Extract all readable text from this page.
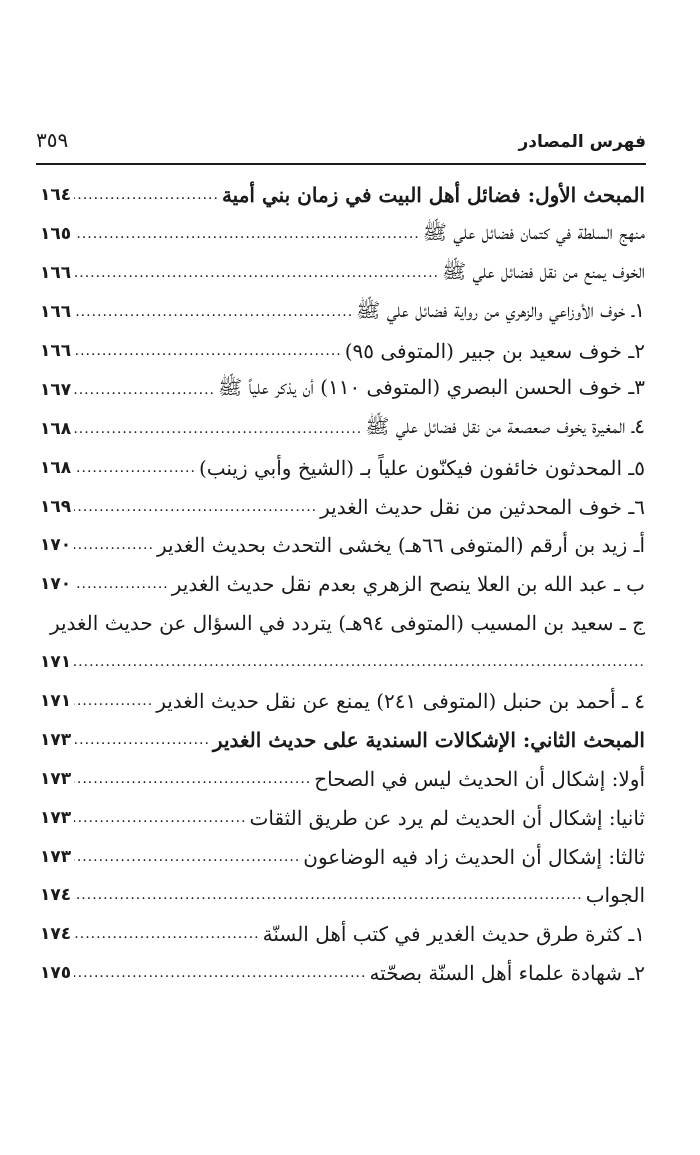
فهرس المصادر
٣٥٩
المبحث الأول: فضائل أهل البيت في زمان بني أمية
.....
١٦٤
منهج السلطة في كتمان فضائل علي ﷺ
.....
١٦٥
الخوف يمنع من نقل فضائل علي ﷺ
.....
١٦٦
١ـ خوف الأوزاعي والزهري من رواية فضائل علي ﷺ
.....
١٦٦
٢ـ خوف سعيد بن جبير (المتوفى ٩٥)
.....
١٦٦
٣ـ خوف الحسن البصري (المتوفى ١١٠) أن يذكر علياً ﷺ
.....
١٦٧
٤ـ المغيرة يخوف صعصعة من نقل فضائل علي ﷺ
.....
١٦٨
٥ـ المحدثون خائفون فيكنّون علياً بـ (الشيخ وأبي زينب)
.....
١٦٨
٦ـ خوف المحدثين من نقل حديث الغدير
.....
١٦٩
أـ زيد بن أرقم (المتوفى ٦٦هـ) يخشى التحدث بحديث الغدير
.....
١٧٠
ب ـ عبد الله بن العلا ينصح الزهري بعدم نقل حديث الغدير
.....
١٧٠
ج ـ سعيد بن المسيب (المتوفى ٩٤هـ) يتردد في السؤال عن حديث الغدير
.....
١٧١
٤ ـ أحمد بن حنبل (المتوفى ٢٤١) يمنع عن نقل حديث الغدير
.....
١٧١
المبحث الثاني: الإشكالات السندية على حديث الغدير
.....
١٧٣
أولا: إشكال أن الحديث ليس في الصحاح
.....
١٧٣
ثانيا: إشكال أن الحديث لم يرد عن طريق الثقات
.....
١٧٣
ثالثا: إشكال أن الحديث زاد فيه الوضاعون
.....
١٧٣
الجواب
.....
١٧٤
١ـ كثرة طرق حديث الغدير في كتب أهل السنّة
.....
١٧٤
٢ـ شهادة علماء أهل السنّة بصحّته
.....
١٧٥
